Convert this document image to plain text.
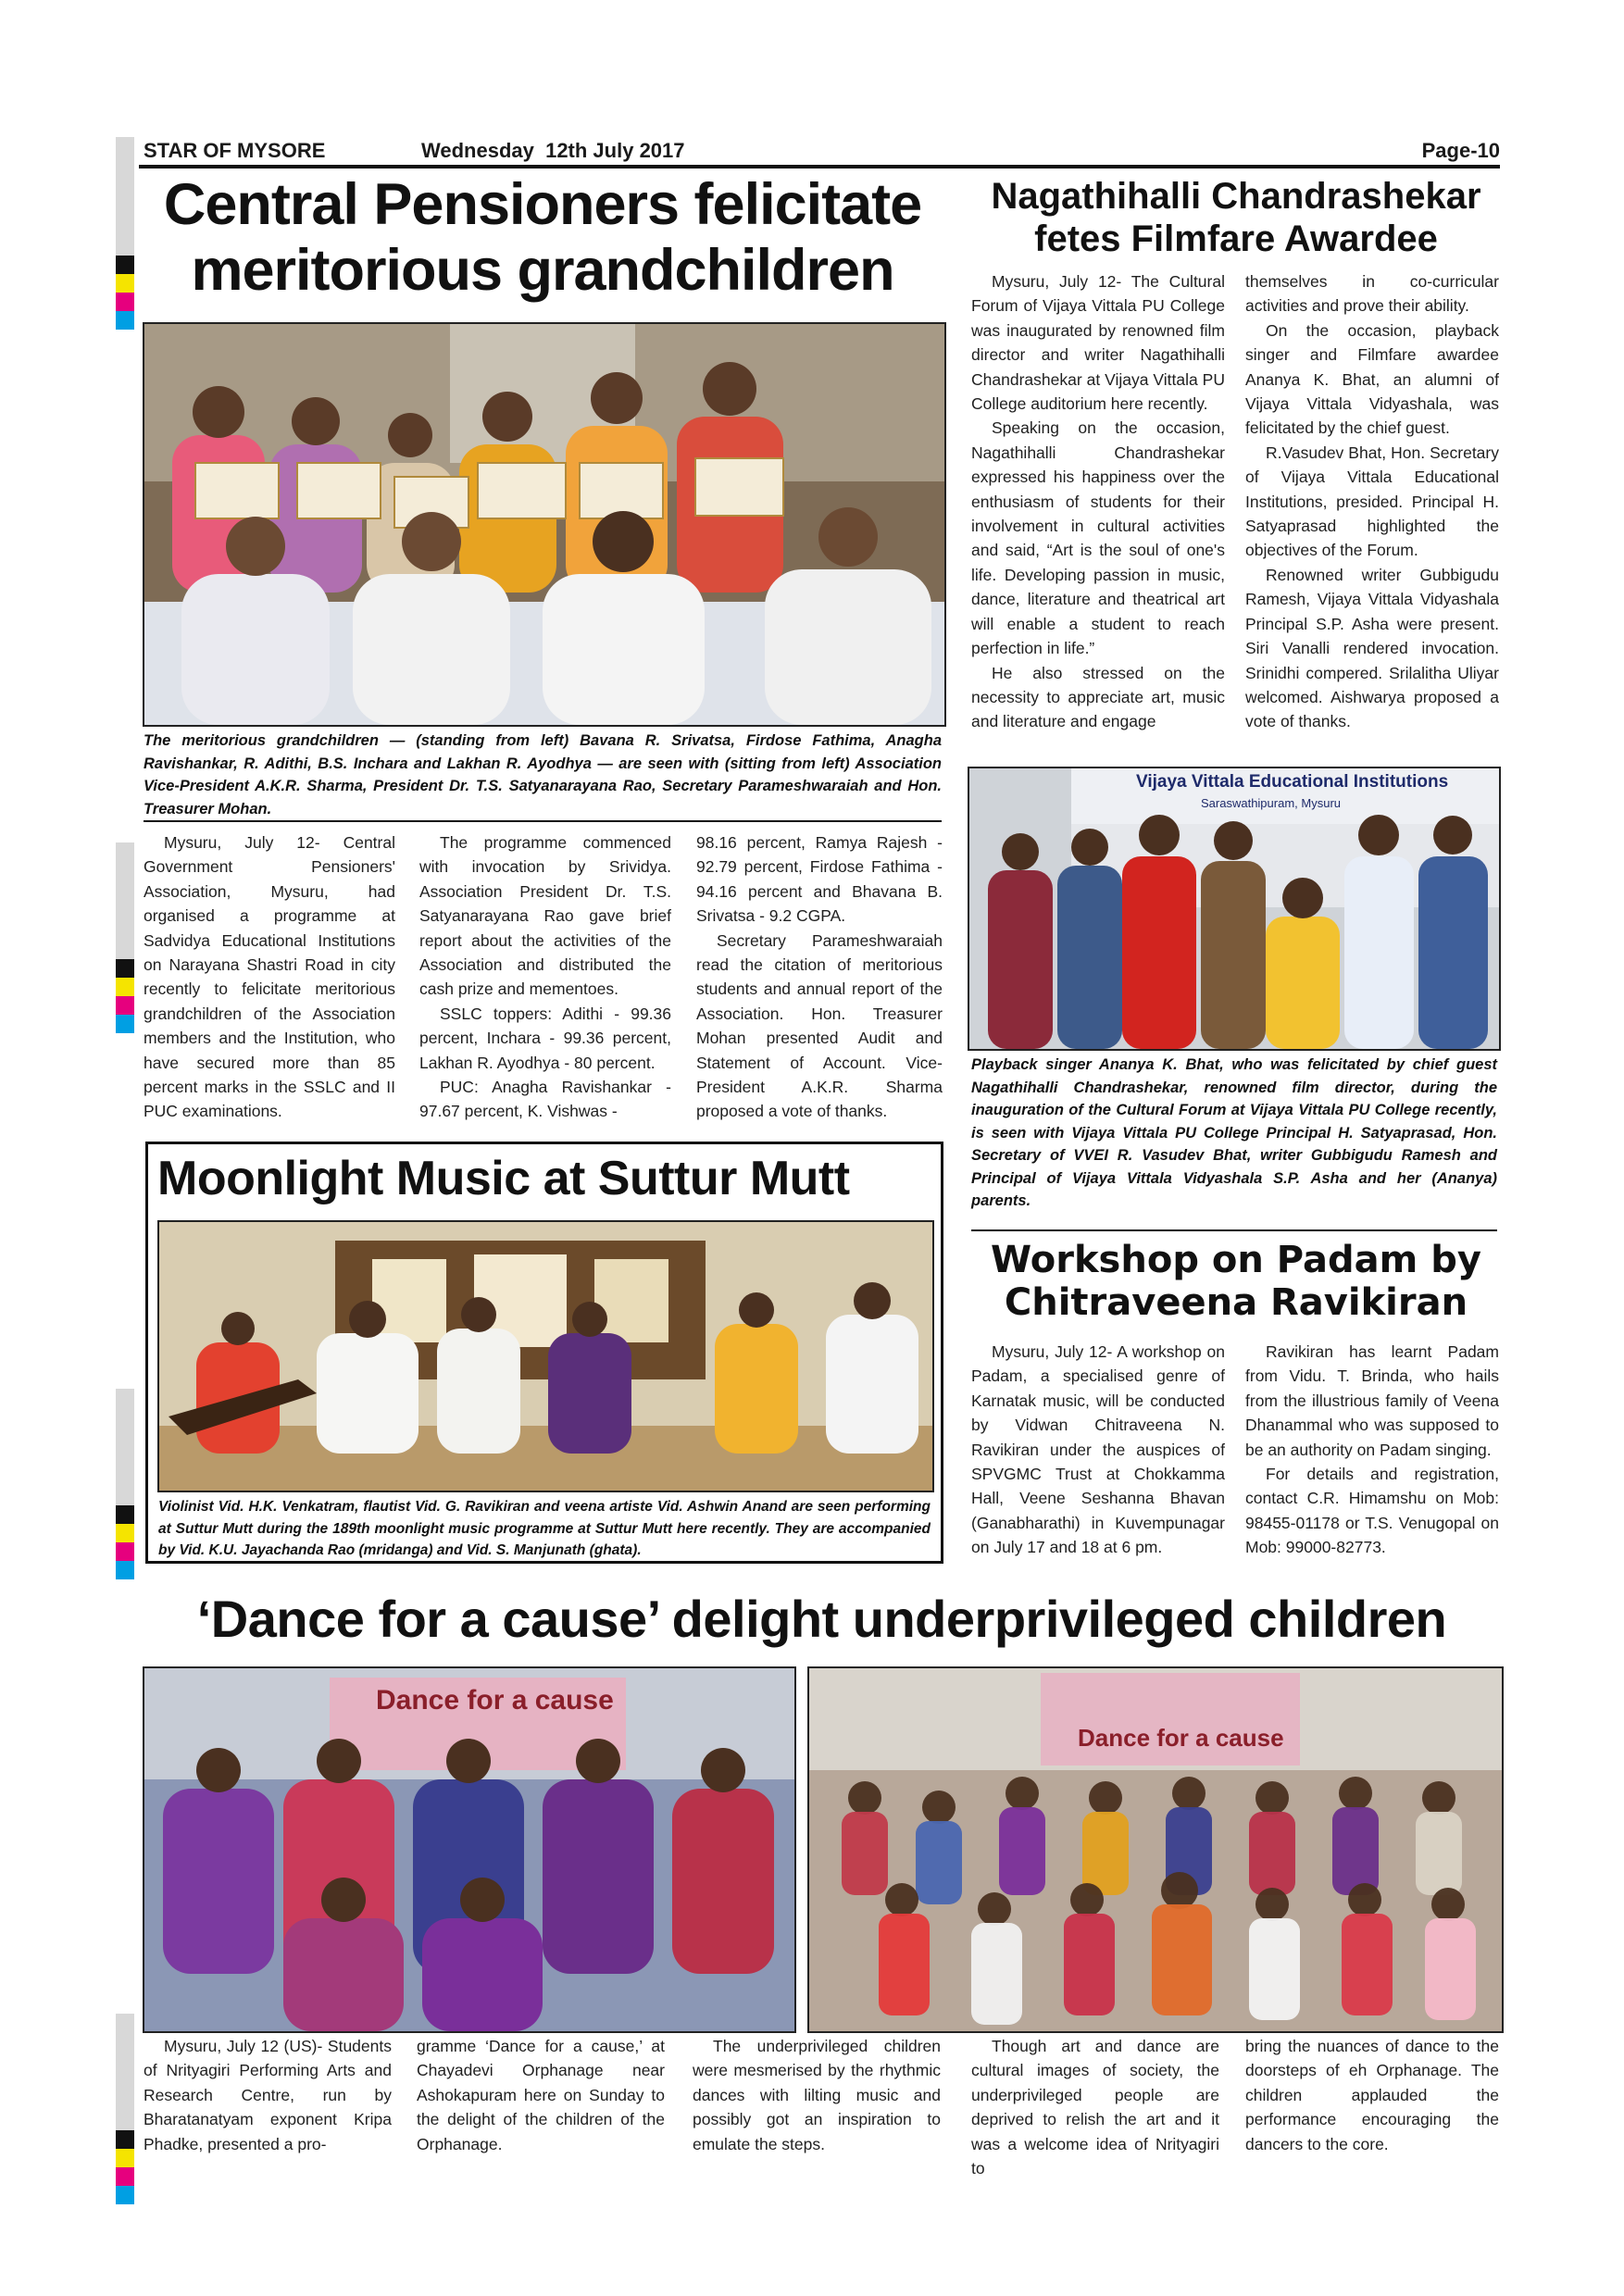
STAR OF MYSORE	Wednesday  12th July 2017	Page-10
Central Pensioners felicitate
meritorious grandchildren
The meritorious grandchildren — (standing from left) Bavana R. Srivatsa, Firdose Fathima, Anagha Ravishankar, R. Adithi, B.S. Inchara and Lakhan R. Ayodhya — are seen with (sitting from left) Association Vice-President A.K.R. Sharma, President Dr. T.S. Satyanarayana Rao, Secretary Parameshwaraiah and Hon. Treasurer Mohan.

Mysuru, July 12- Central Government Pensioners' Association, Mysuru, had organised a programme at Sadvidya Educational Institutions on Narayana Shastri Road in city recently to felicitate meritorious grandchildren of the Association members and the Institution, who have secured more than 85 percent marks in the SSLC and II PUC examinations.

The programme commenced with invocation by Srividya. Association President Dr. T.S. Satyanarayana Rao gave brief report about the activities of the Association and distributed the cash prize and mementoes.

SSLC toppers: Adithi - 99.36 percent, Inchara - 99.36 percent, Lakhan R. Ayodhya - 80 percent.

PUC: Anagha Ravishankar - 97.67 percent, K. Vishwas -

98.16 percent, Ramya Rajesh - 92.79 percent, Firdose Fathima - 94.16 percent and Bhavana B. Srivatsa - 9.2 CGPA.

Secretary Parameshwaraiah read the citation of meritorious students and annual report of the Association. Hon. Treasurer Mohan presented Audit and Statement of Account. Vice-President A.K.R. Sharma proposed a vote of thanks.

Nagathihalli Chandrashekar
fetes Filmfare Awardee

Mysuru, July 12- The Cultural Forum of Vijaya Vittala PU College was inaugurated by renowned film director and writer Nagathihalli Chandrashekar at Vijaya Vittala PU College auditorium here recently.

Speaking on the occasion, Nagathihalli Chandrashekar expressed his happiness over the enthusiasm of students for their involvement in cultural activities and said, “Art is the soul of one's life. Developing passion in music, dance, literature and theatrical art will enable a student to reach perfection in life.”

He also stressed on the necessity to appreciate art, music and literature and engage

themselves in co-curricular activities and prove their ability.

On the occasion, playback singer and Filmfare awardee Ananya K. Bhat, an alumni of Vijaya Vittala Vidyashala, was felicitated by the chief guest.

R.Vasudev Bhat, Hon. Secretary of Vijaya Vittala Educational Institutions, presided. Principal H. Satyaprasad highlighted the objectives of the Forum.

Renowned writer Gubbigudu Ramesh, Vijaya Vittala Vidyashala Principal S.P. Asha were present. Siri Vanalli rendered invocation. Srinidhi compered. Srilalitha Uliyar welcomed. Aishwarya proposed a vote of thanks.

Vijaya Vittala Educational Institutions
Saraswathipuram, Mysuru
Playback singer Ananya K. Bhat, who was felicitated by chief guest Nagathihalli Chandrashekar, renowned film director, during the inauguration of the Cultural Forum at Vijaya Vittala PU College recently, is seen with Vijaya Vittala PU College Principal H. Satyaprasad, Hon. Secretary of VVEI R. Vasudev Bhat, writer Gubbigudu Ramesh and Principal of Vijaya Vittala Vidyashala S.P. Asha and her (Ananya) parents.
Moonlight Music at Suttur Mutt
Violinist Vid. H.K. Venkatram, flautist Vid. G. Ravikiran and veena artiste Vid. Ashwin Anand are seen performing at Suttur Mutt during the 189th moonlight music programme at Suttur Mutt here recently. They are accompanied by Vid. K.U. Jayachanda Rao (mridanga) and Vid. S. Manjunath (ghata).
Workshop on Padam by
Chitraveena Ravikiran

Mysuru, July 12- A workshop on Padam, a specialised genre of Karnatak music, will be conducted by Vidwan Chitraveena N. Ravikiran under the auspices of SPVGMC Trust at Chokkamma Hall, Veene Seshanna Bhavan (Ganabharathi) in Kuvempunagar on July 17 and 18 at 6 pm.

Ravikiran has learnt Padam from Vidu. T. Brinda, who hails from the illustrious family of Veena Dhanammal who was supposed to be an authority on Padam singing.

For details and registration, contact C.R. Himamshu on Mob: 98455-01178 or T.S. Venugopal on Mob: 99000-82773.

‘Dance for a cause’ delight underprivileged children
Dance for a cause
Dance for a cause

Mysuru, July 12 (US)- Students of Nrityagiri Performing Arts and Research Centre, run by Bharatanatyam exponent Kripa Phadke, presented a pro-

gramme ‘Dance for a cause,’ at Chayadevi Orphanage near Ashokapuram here on Sunday to the delight of the children of the Orphanage.

The underprivileged children were mesmerised by the rhythmic dances with lilting music and possibly got an inspiration to emulate the steps.

Though art and dance are cultural images of society, the underprivileged people are deprived to relish the art and it was a welcome idea of Nrityagiri to

bring the nuances of dance to the doorsteps of eh Orphanage. The children applauded the performance encouraging the dancers to the core.
